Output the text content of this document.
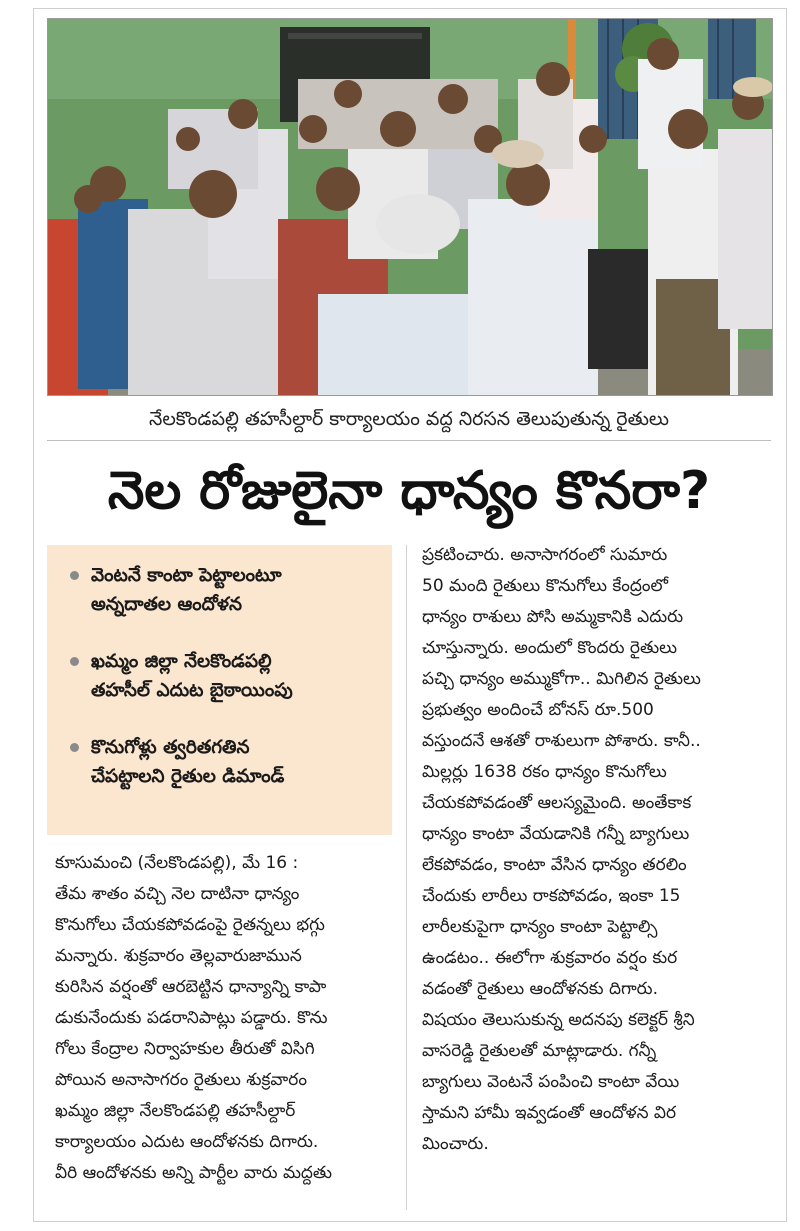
నేలకొండపల్లి తహసీల్దార్ కార్యాలయం వద్ద నిరసన తెలుపుతున్న రైతులు
నెల రోజులైనా ధాన్యం కొనరా?
వెంటనే కాంటా పెట్టాలంటూ
అన్నదాతల ఆందోళన
ఖమ్మం జిల్లా నేలకొండపల్లి
తహసీల్ ఎదుట బైఠాయింపు
కొనుగోళ్లు త్వరితగతిన
చేపట్టాలని రైతుల డిమాండ్
కూసుమంచి (నేలకొండపల్లి), మే 16 :
తేమ శాతం వచ్చి నెల దాటినా ధాన్యం
కొనుగోలు చేయకపోవడంపై రైతన్నలు భగ్గు
మన్నారు. శుక్రవారం తెల్లవారుజామున
కురిసిన వర్షంతో ఆరబెట్టిన ధాన్యాన్ని కాపా
డుకునేందుకు పడరానిపాట్లు పడ్డారు. కొను
గోలు కేంద్రాల నిర్వాహకుల తీరుతో విసిగి
పోయిన అనాసాగరం రైతులు శుక్రవారం
ఖమ్మం జిల్లా నేలకొండపల్లి తహసీల్దార్
కార్యాలయం ఎదుట ఆందోళనకు దిగారు.
వీరి ఆందోళనకు అన్ని పార్టీల వారు మద్దతు
ప్రకటించారు. అనాసాగరంలో సుమారు
50 మంది రైతులు కొనుగోలు కేంద్రంలో
ధాన్యం రాశులు పోసి అమ్మకానికి ఎదురు
చూస్తున్నారు. అందులో కొందరు రైతులు
పచ్చి ధాన్యం అమ్ముకోగా.. మిగిలిన రైతులు
ప్రభుత్వం అందించే బోనస్ రూ.500
వస్తుందనే ఆశతో రాశులుగా పోశారు. కానీ..
మిల్లర్లు 1638 రకం ధాన్యం కొనుగోలు
చేయకపోవడంతో ఆలస్యమైంది. అంతేకాక
ధాన్యం కాంటా వేయడానికి గన్నీ బ్యాగులు
లేకపోవడం, కాంటా వేసిన ధాన్యం తరలిం
చేందుకు లారీలు రాకపోవడం, ఇంకా 15
లారీలకుపైగా ధాన్యం కాంటా పెట్టాల్సి
ఉండటం.. ఈలోగా శుక్రవారం వర్షం కుర
వడంతో రైతులు ఆందోళనకు దిగారు.
విషయం తెలుసుకున్న అదనపు కలెక్టర్ శ్రీని
వాసరెడ్డి రైతులతో మాట్లాడారు. గన్నీ
బ్యాగులు వెంటనే పంపించి కాంటా వేయి
స్తామని హామీ ఇవ్వడంతో ఆందోళన విర
మించారు.
